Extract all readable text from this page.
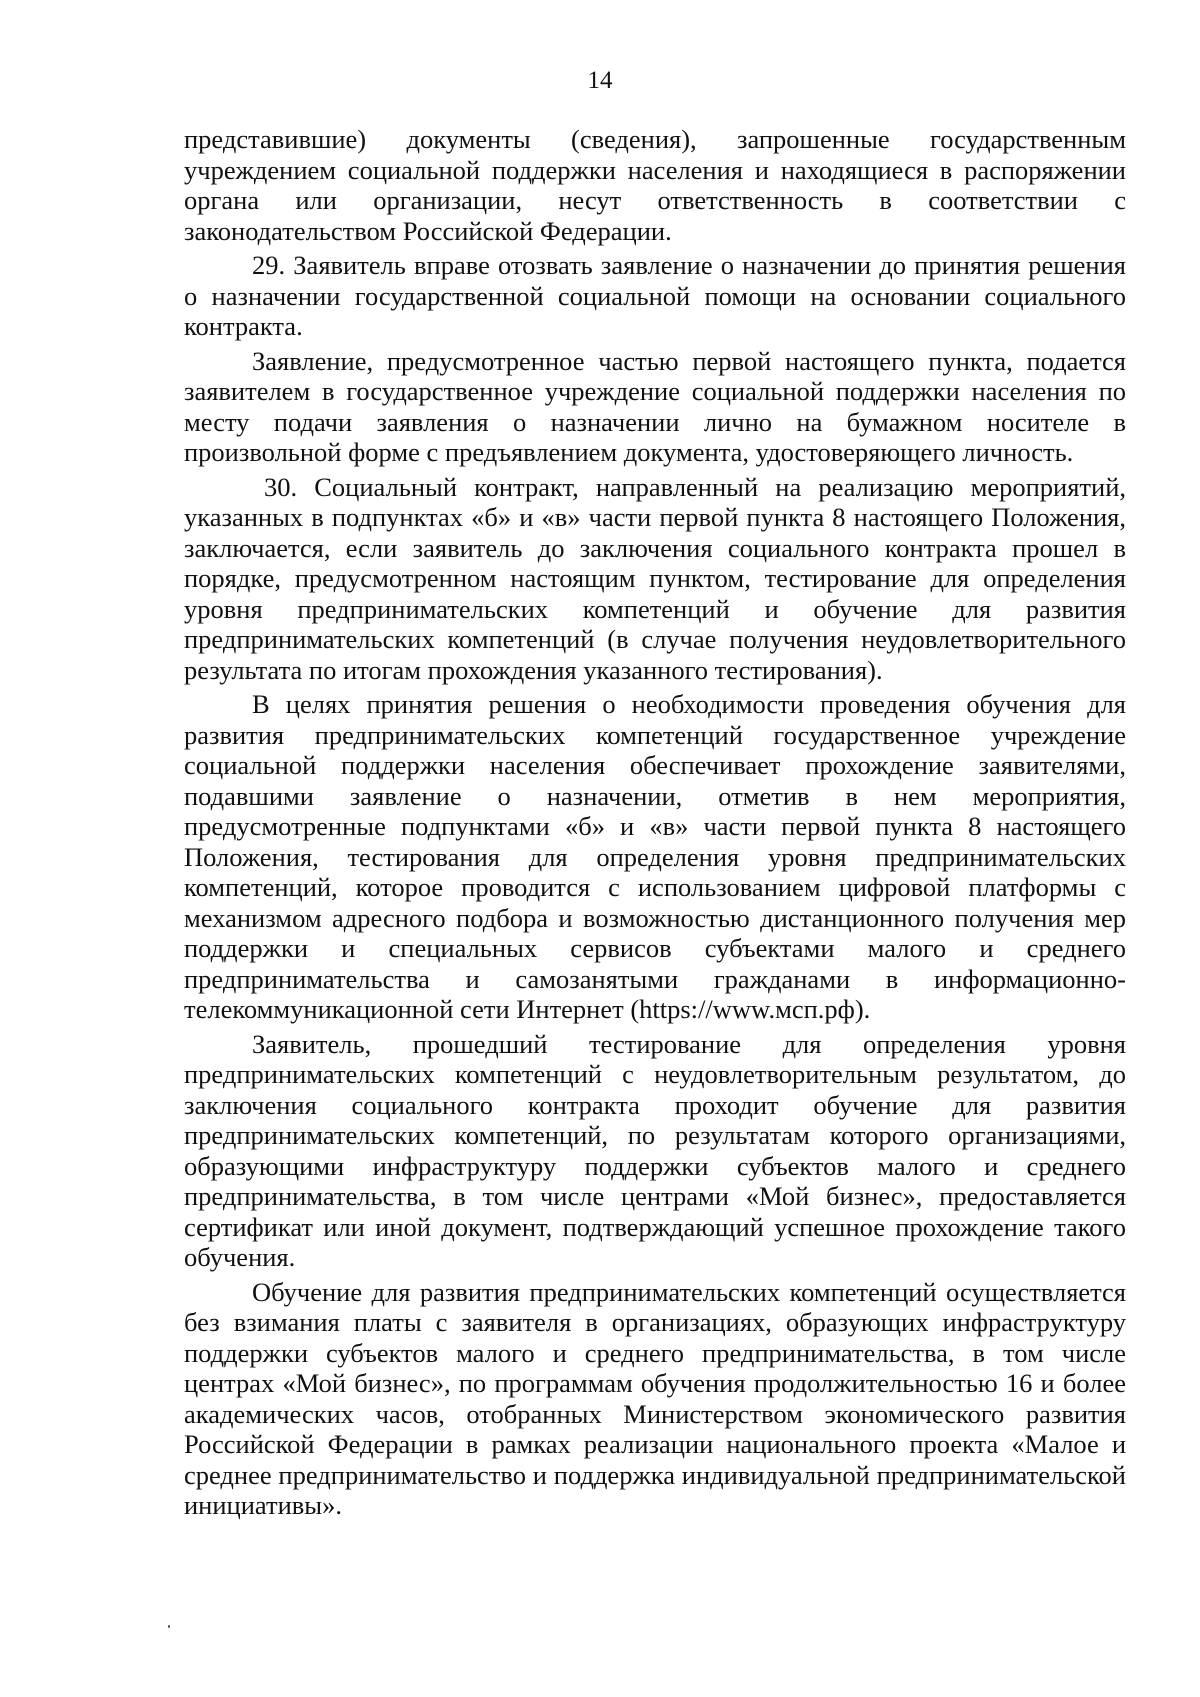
14

представившие) документы (сведения), запрошенные государственным учреждением социальной поддержки населения и находящиеся в распоряжении органа или организации, несут ответственность в соответствии с законодательством Российской Федерации.

29. Заявитель вправе отозвать заявление о назначении до принятия решения о назначении государственной социальной помощи на основании социального контракта.

Заявление, предусмотренное частью первой настоящего пункта, подается заявителем в государственное учреждение социальной поддержки населения по месту подачи заявления о назначении лично на бумажном носителе в произвольной форме с предъявлением документа, удостоверяющего личность.

30. Социальный контракт, направленный на реализацию мероприятий, указанных в подпунктах «б» и «в» части первой пункта 8 настоящего Положения, заключается, если заявитель до заключения социального контракта прошел в порядке, предусмотренном настоящим пунктом, тестирование для определения уровня предпринимательских компетенций и обучение для развития предпринимательских компетенций (в случае получения неудовлетворительного результата по итогам прохождения указанного тестирования).

В целях принятия решения о необходимости проведения обучения для развития предпринимательских компетенций государственное учреждение социальной поддержки населения обеспечивает прохождение заявителями, подавшими заявление о назначении, отметив в нем мероприятия, предусмотренные подпунктами «б» и «в» части первой пункта 8 настоящего Положения, тестирования для определения уровня предпринимательских компетенций, которое проводится с использованием цифровой платформы с механизмом адресного подбора и возможностью дистанционного получения мер поддержки и специальных сервисов субъектами малого и среднего предпринимательства и самозанятыми гражданами в информационно-телекоммуникационной сети Интернет (https://www.мсп.рф).

Заявитель, прошедший тестирование для определения уровня предпринимательских компетенций с неудовлетворительным результатом, до заключения социального контракта проходит обучение для развития предпринимательских компетенций, по результатам которого организациями, образующими инфраструктуру поддержки субъектов малого и среднего предпринимательства, в том числе центрами «Мой бизнес», предоставляется сертификат или иной документ, подтверждающий успешное прохождение такого обучения.

Обучение для развития предпринимательских компетенций осуществляется без взимания платы с заявителя в организациях, образующих инфраструктуру поддержки субъектов малого и среднего предпринимательства, в том числе центрах «Мой бизнес», по программам обучения продолжительностью 16 и более академических часов, отобранных Министерством экономического развития Российской Федерации в рамках реализации национального проекта «Малое и среднее предпринимательство и поддержка индивидуальной предпринимательской инициативы».
